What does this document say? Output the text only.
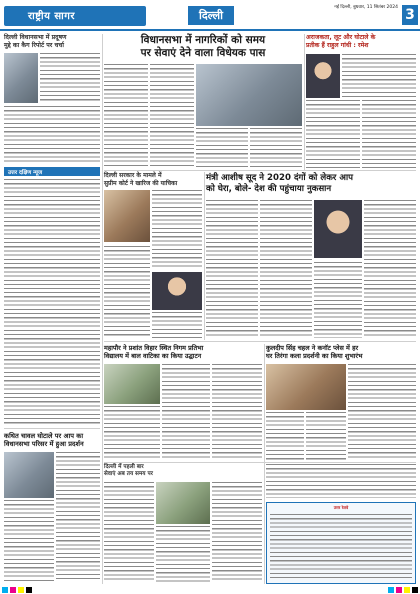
राष्ट्रीय सागर	दिल्ली
नई दिल्ली, बुधवार, 11 सितंबर 2024 3
दिल्ली विधानसभा में प्रदूषण
मुद्दे का कैग रिपोर्ट पर चर्चा	विधानसभा में नागरिकों को समय
पर सेवाएं देने वाला विधेयक पास
अराजकता, लूट और घोटाले के
प्रतीक हैं राहुल गांधी : रमेश
उत्तर दक्षिण न्यूज	दिल्ली सरकार के मामले में
सुप्रीम कोर्ट ने खारिज की याचिका
मंत्री आशीष सूद ने 2020 दंगों को लेकर आप
को घेरा, बोले- देश की पहुंचाया नुकसान
महापौर ने प्रशांत विहार स्थित निगम प्रतिभा
विद्यालय में बाल वाटिका का किया उद्घाटन
कुलदीप सिंह चहल ने कनॉट प्लेस में हर
घर तिरंगा कला प्रदर्शनी का किया शुभारंभ
कथित चावल घोटाले पर आप का
विधानसभा परिसर में हुआ प्रदर्शन
दिल्ली में पहली बार
सेवाएं अब तय समय पर
उत्तर रेलवे
